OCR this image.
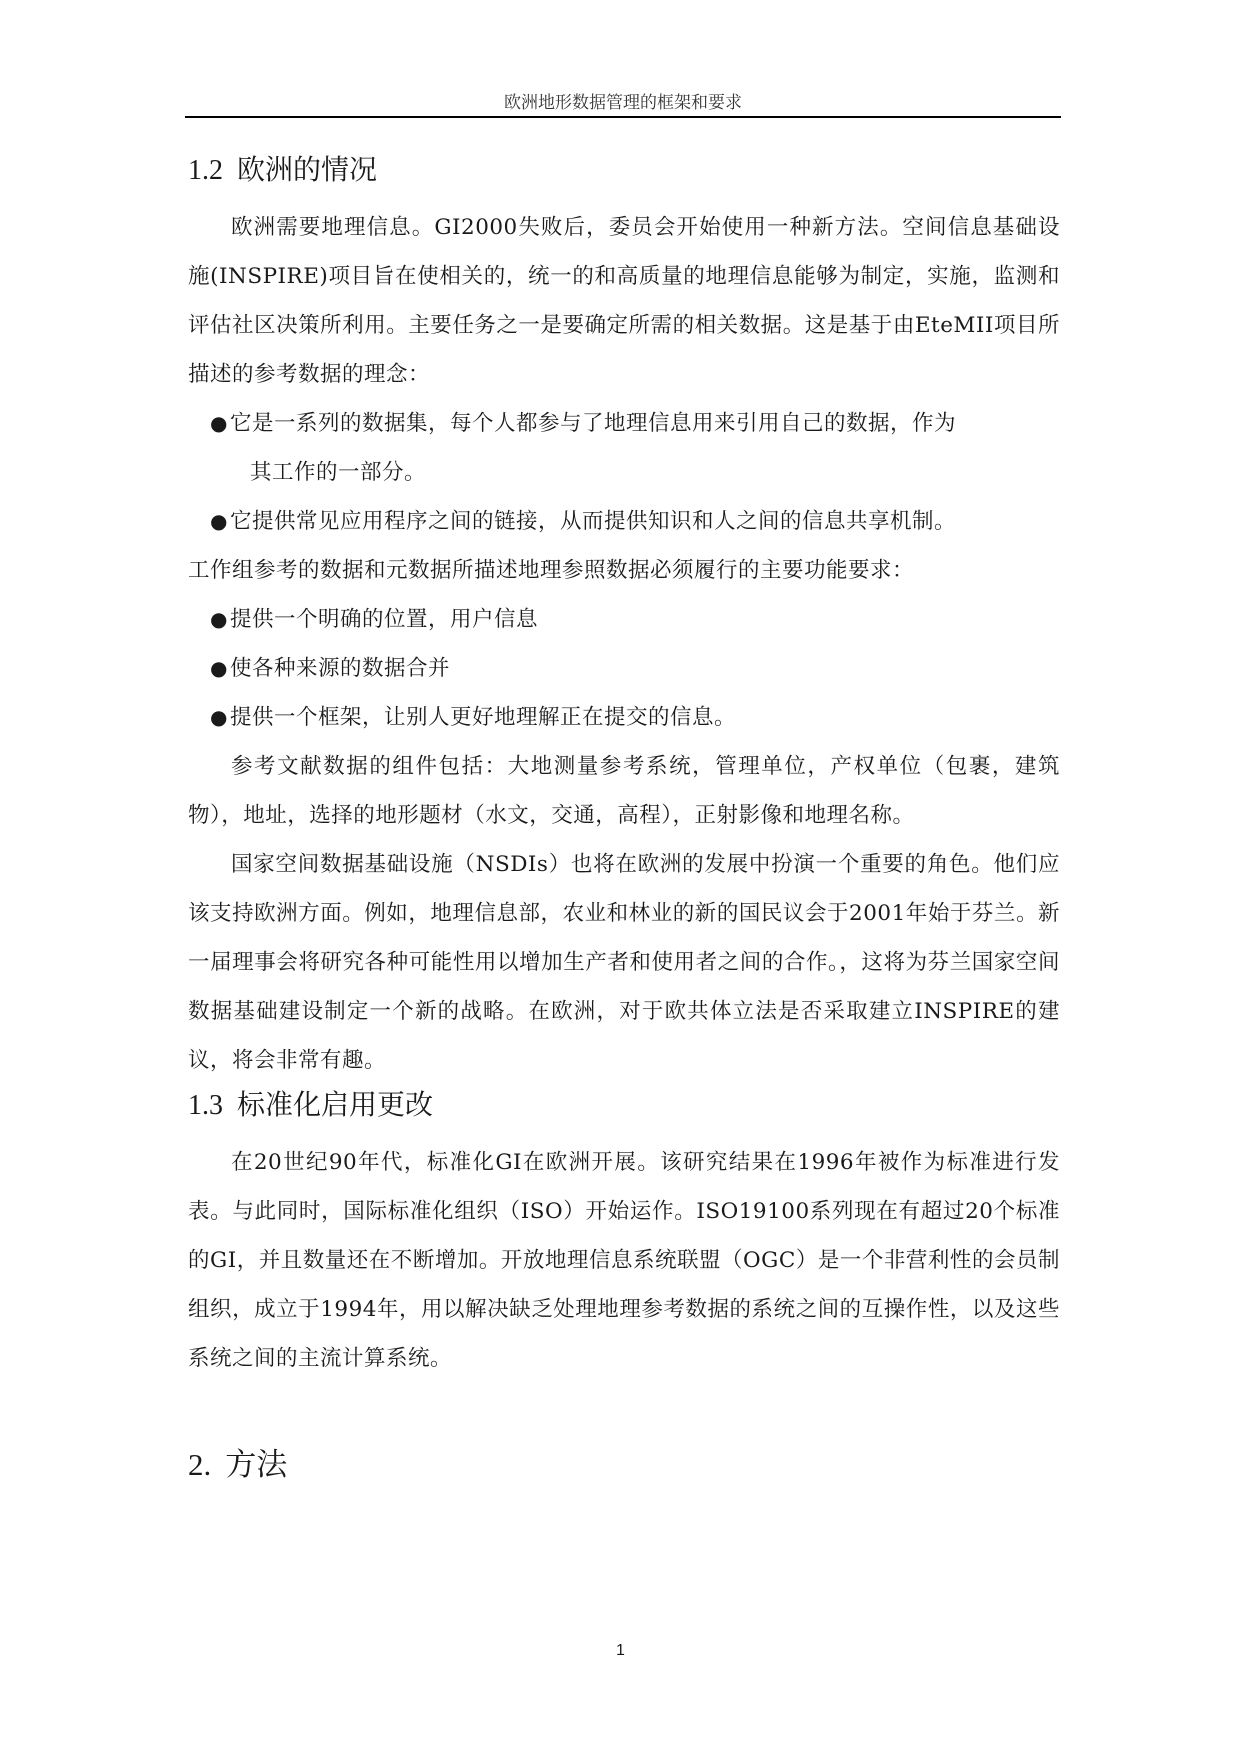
欧洲地形数据管理的框架和要求
1.2 欧洲的情况

欧洲需要地理信息。GI2000失败后，委员会开始使用一种新方法。空间信息基础设施(INSPIRE)项目旨在使相关的，统一的和高质量的地理信息能够为制定，实施，监测和评估社区决策所利用。主要任务之一是要确定所需的相关数据。这是基于由EteMII项目所描述的参考数据的理念：

● 它是一系列的数据集，每个人都参与了地理信息用来引用自己的数据，作为
其工作的一部分。
● 它提供常见应用程序之间的链接，从而提供知识和人之间的信息共享机制。

工作组参考的数据和元数据所描述地理参照数据必须履行的主要功能要求：

● 提供一个明确的位置，用户信息
● 使各种来源的数据合并
● 提供一个框架，让别人更好地理解正在提交的信息。

参考文献数据的组件包括：大地测量参考系统，管理单位，产权单位（包裹，建筑物），地址，选择的地形题材（水文，交通，高程），正射影像和地理名称。

国家空间数据基础设施（NSDIs）也将在欧洲的发展中扮演一个重要的角色。他们应该支持欧洲方面。例如，地理信息部，农业和林业的新的国民议会于2001年始于芬兰。新一届理事会将研究各种可能性用以增加生产者和使用者之间的合作。，这将为芬兰国家空间数据基础建设制定一个新的战略。在欧洲，对于欧共体立法是否采取建立INSPIRE的建议，将会非常有趣。

1.3 标准化启用更改

在20世纪90年代，标准化GI在欧洲开展。该研究结果在1996年被作为标准进行发表。与此同时，国际标准化组织（ISO）开始运作。ISO19100系列现在有超过20个标准的GI，并且数量还在不断增加。开放地理信息系统联盟（OGC）是一个非营利性的会员制组织，成立于1994年，用以解决缺乏处理地理参考数据的系统之间的互操作性，以及这些系统之间的主流计算系统。

2. 方法
1
